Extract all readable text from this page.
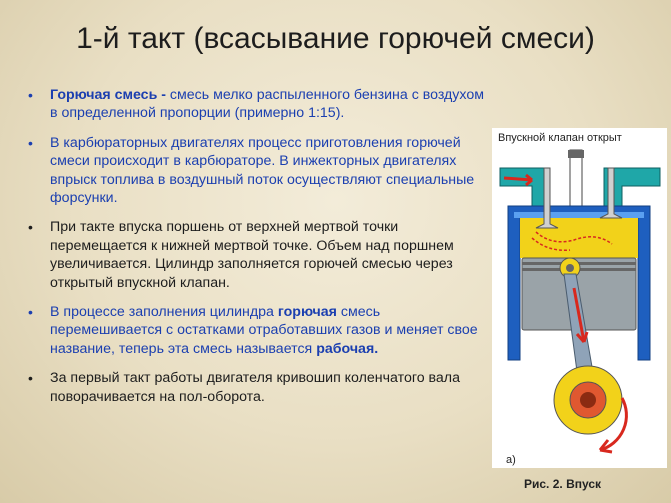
1-й такт (всасывание горючей смеси)
• Горючая смесь - смесь мелко распыленного бензина с воздухом в определенной пропорции (примерно 1:15).
• В карбюраторных двигателях процесс приготовления горючей смеси происходит в карбюраторе. В инжекторных двигателях впрыск топлива в воздушный поток осуществляют специальные форсунки.
• При такте впуска поршень от верхней мертвой точки перемещается к нижней мертвой точке. Объем над поршнем увеличивается. Цилиндр заполняется горючей смесью через открытый впускной клапан.
• В процессе заполнения цилиндра горючая смесь перемешивается с остатками отработавших газов и меняет свое название, теперь эта смесь называется рабочая.
• За первый такт работы двигателя кривошип коленчатого вала поворачивается на пол-оборота.
Впускной клапан открыт
а)
Рис. 2. Впуск
